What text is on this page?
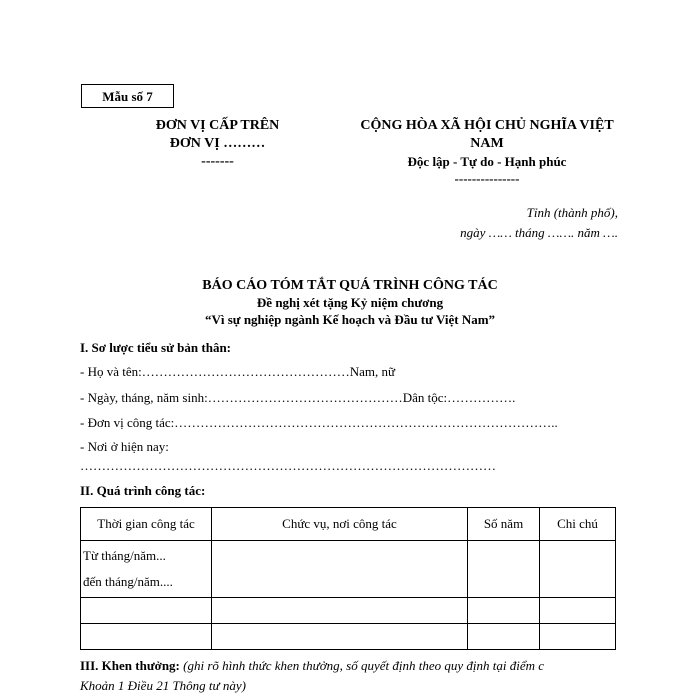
Mẫu số 7
ĐƠN VỊ CẤP TRÊN
ĐƠN VỊ ………
-------
CỘNG HÒA XÃ HỘI CHỦ NGHĨA VIỆT
NAM
Độc lập - Tự do - Hạnh phúc
---------------
Tỉnh (thành phố),
ngày …… tháng ……. năm ….
BÁO CÁO TÓM TẮT QUÁ TRÌNH CÔNG TÁC
Đề nghị xét tặng Kỷ niệm chương
“Vì sự nghiệp ngành Kế hoạch và Đầu tư Việt Nam”
I. Sơ lược tiểu sử bản thân:
- Họ và tên:…………………………………………Nam, nữ
- Ngày, tháng, năm sinh:………………………………………Dân tộc:…………….
- Đơn vị công tác:……………………………………………………………………………..
- Nơi ở hiện nay:
……………………………………………………………………………………
II. Quá trình công tác:
Thời gian công tác	Chức vụ, nơi công tác	Số năm	Chi chú

Từ tháng/năm...
đến tháng/năm....			

III. Khen thưởng: (ghi rõ hình thức khen thưởng, số quyết định theo quy định tại điểm c
Khoản 1 Điều 21 Thông tư này)
